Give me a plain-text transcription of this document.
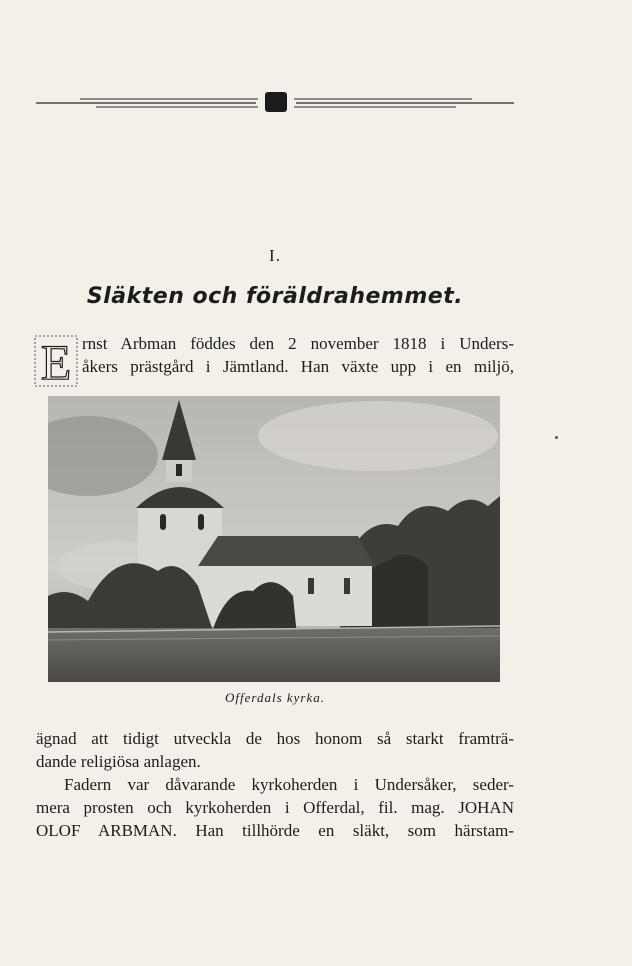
I.
Släkten och föräldrahemmet.
E rnst Arbman föddes den 2 november 1818 i Unders-
åkers prästgård i Jämtland. Han växte upp i en miljö,
Offerdals kyrka.
ägnad att tidigt utveckla de hos honom så starkt framträ-
dande religiösa anlagen.
Fadern var dåvarande kyrkoherden i Undersåker, seder-
mera prosten och kyrkoherden i Offerdal, fil. mag. JOHAN
OLOF ARBMAN. Han tillhörde en släkt, som härstam-
